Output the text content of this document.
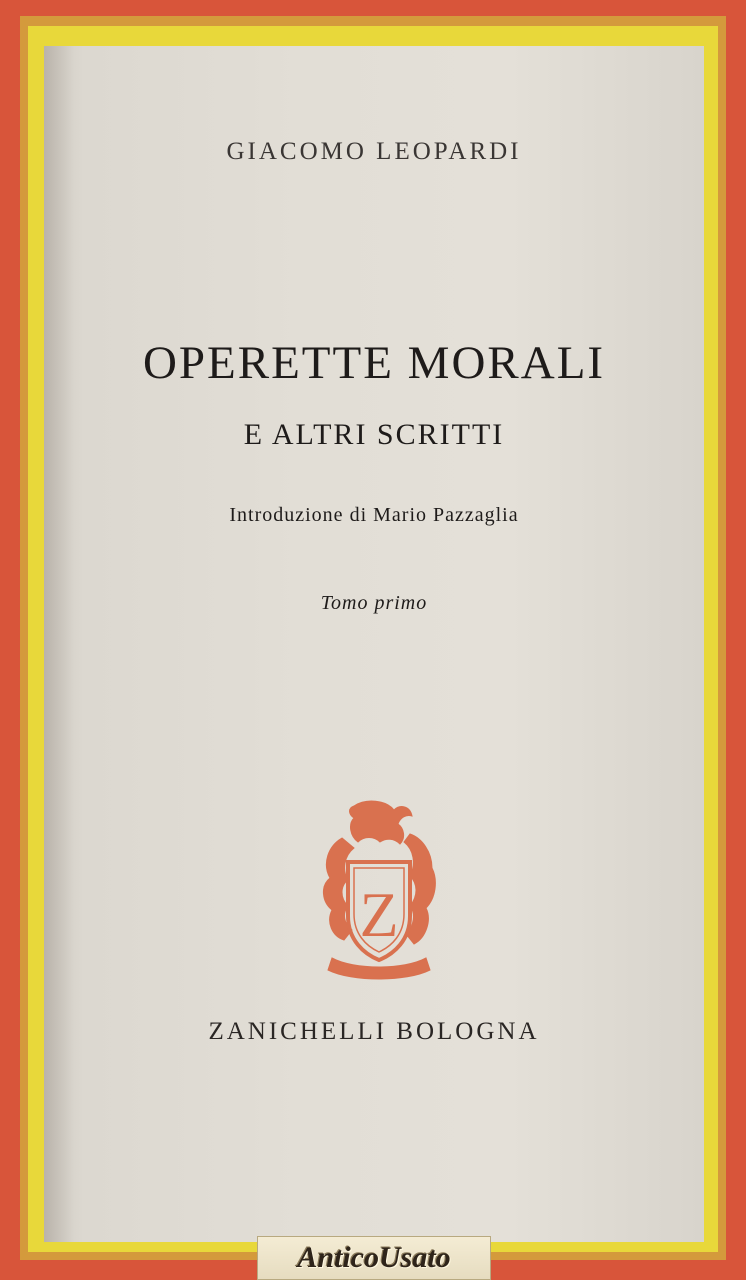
GIACOMO LEOPARDI
OPERETTE MORALI
E ALTRI SCRITTI
Introduzione di Mario Pazzaglia
Tomo primo
Z
ZANICHELLI BOLOGNA
AnticoUsato
